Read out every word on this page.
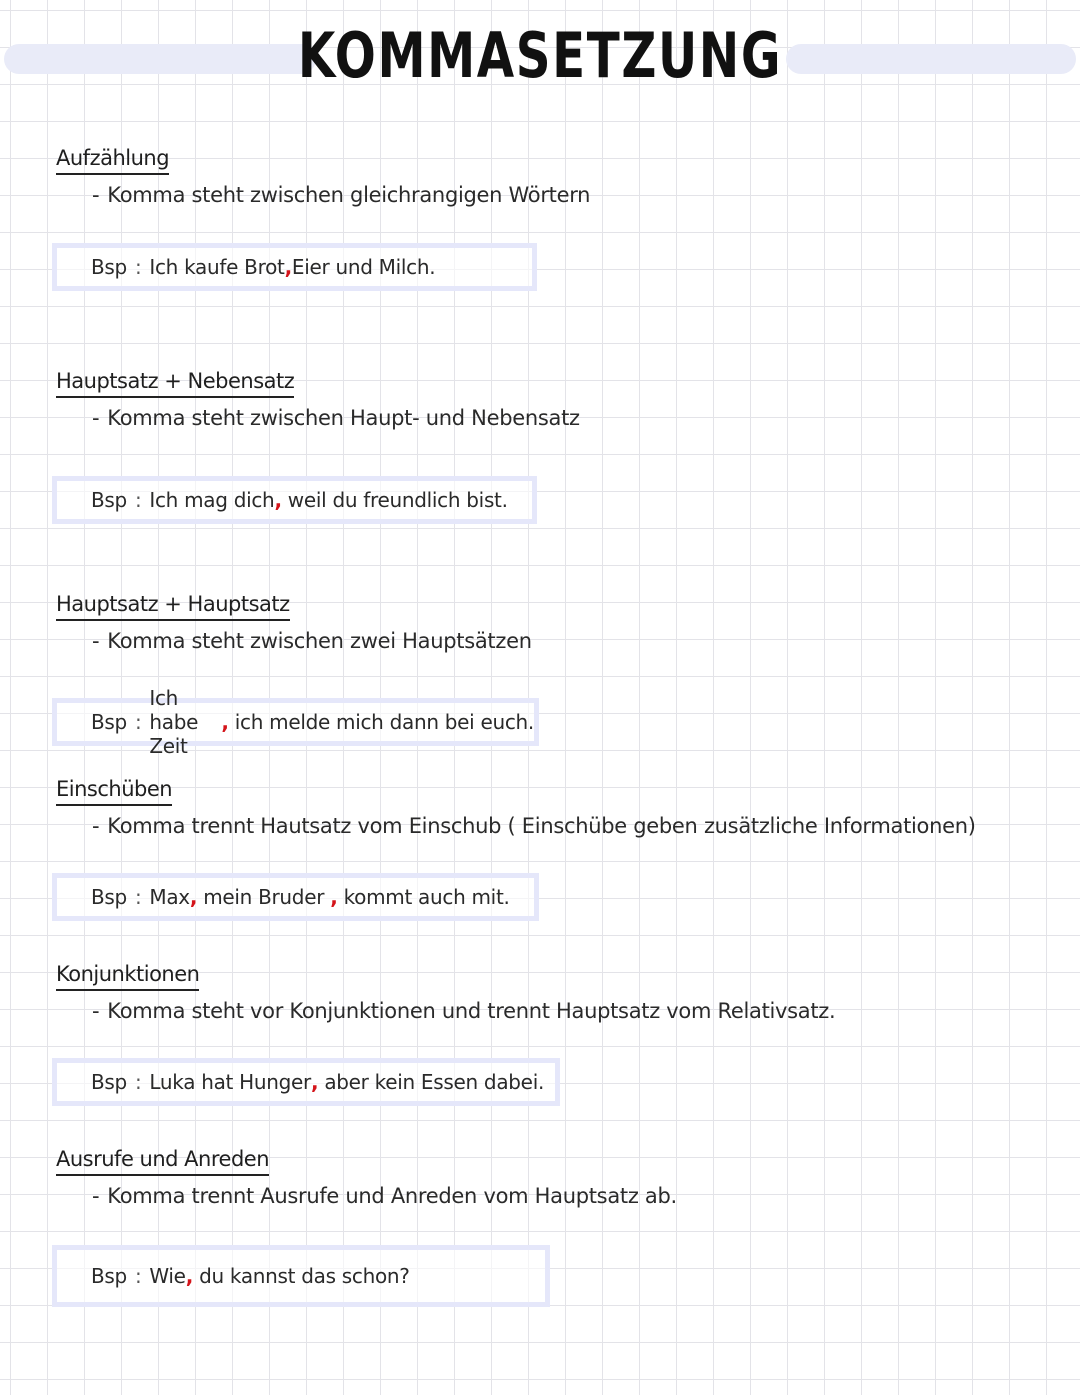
KOMMASETZUNG
Aufzählung
- Komma steht zwischen gleichrangigen Wörtern
Bsp : Ich kaufe Brot , Eier und Milch.
Hauptsatz + Nebensatz
- Komma steht zwischen Haupt- und Nebensatz
Bsp : Ich mag dich , weil du freundlich bist.
Hauptsatz + Hauptsatz
- Komma steht zwischen zwei Hauptsätzen
Bsp :
Ich habe Zeit
, ich melde mich dann bei euch.
Einschüben
- Komma trennt Hautsatz vom Einschub ( Einschübe geben zusätzliche Informationen)
Bsp : Max , mein Bruder , kommt auch mit.
Konjunktionen
- Komma steht vor Konjunktionen und trennt Hauptsatz vom Relativsatz.
Bsp : Luka hat Hunger , aber kein Essen dabei.
Ausrufe und Anreden
- Komma trennt Ausrufe und Anreden vom Hauptsatz ab.
Bsp : Wie , du kannst das schon?
